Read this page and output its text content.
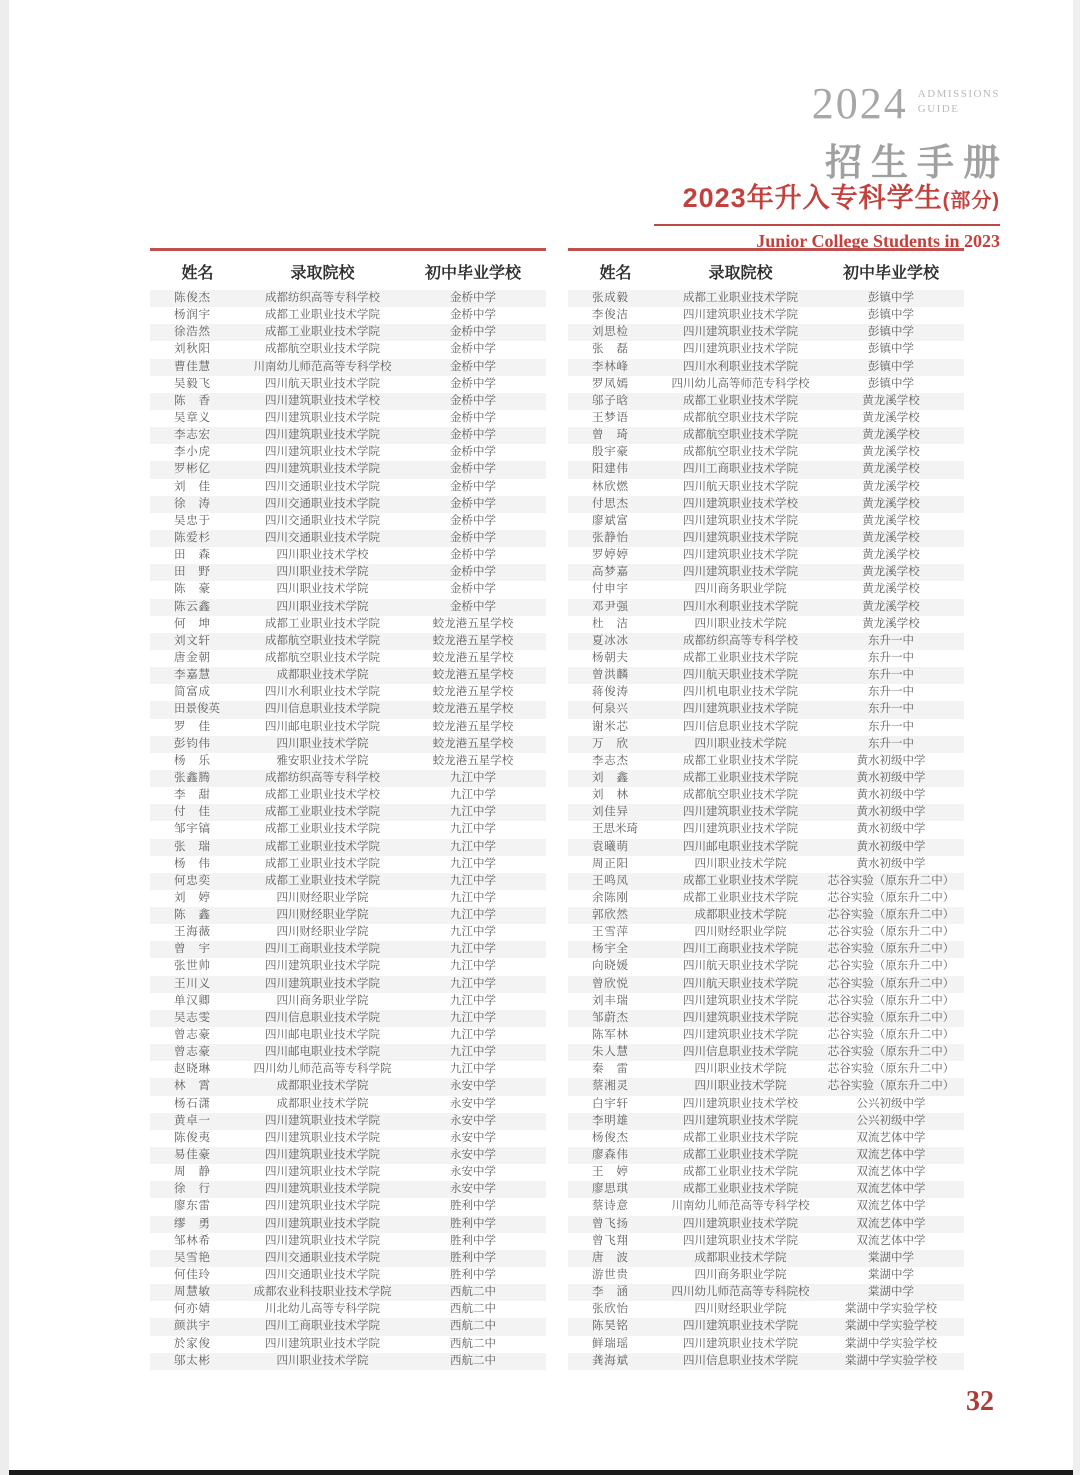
2024 ADMISSIONS
GUIDE
招生手册
2023年升入专科学生(部分)
Junior College Students in 2023
姓名	录取院校	初中毕业学校
陈俊杰	成都纺织高等专科学校	金桥中学
杨润宇	成都工业职业技术学院	金桥中学
徐浩然	成都工业职业技术学院	金桥中学
刘秋阳	成都航空职业技术学院	金桥中学
曹佳慧	川南幼儿师范高等专科学校	金桥中学
吴毅飞	四川航天职业技术学院	金桥中学
陈香	四川建筑职业技术学校	金桥中学
吴章义	四川建筑职业技术学院	金桥中学
李志宏	四川建筑职业技术学院	金桥中学
李小虎	四川建筑职业技术学院	金桥中学
罗彬亿	四川建筑职业技术学院	金桥中学
刘佳	四川交通职业技术学院	金桥中学
徐涛	四川交通职业技术学院	金桥中学
吴忠于	四川交通职业技术学院	金桥中学
陈爱杉	四川交通职业技术学院	金桥中学
田森	四川职业技术学校	金桥中学
田野	四川职业技术学院	金桥中学
陈豪	四川职业技术学院	金桥中学
陈云鑫	四川职业技术学院	金桥中学
何坤	成都工业职业技术学院	蛟龙港五星学校
刘文轩	成都航空职业技术学院	蛟龙港五星学校
唐金朝	成都航空职业技术学院	蛟龙港五星学校
李嘉慧	成都职业技术学院	蛟龙港五星学校
简富成	四川水利职业技术学院	蛟龙港五星学校
田景俊英	四川信息职业技术学院	蛟龙港五星学校
罗佳	四川邮电职业技术学院	蛟龙港五星学校
彭钧伟	四川职业技术学院	蛟龙港五星学校
杨乐	雅安职业技术学院	蛟龙港五星学校
张鑫腾	成都纺织高等专科学校	九江中学
李甜	成都工业职业技术学校	九江中学
付佳	成都工业职业技术学院	九江中学
邹宇镐	成都工业职业技术学院	九江中学
张瑞	成都工业职业技术学院	九江中学
杨伟	成都工业职业技术学院	九江中学
何忠奕	成都工业职业技术学院	九江中学
刘婷	四川财经职业学院	九江中学
陈鑫	四川财经职业学院	九江中学
王海薇	四川财经职业学院	九江中学
曾宇	四川工商职业技术学院	九江中学
张世帅	四川建筑职业技术学院	九江中学
王川义	四川建筑职业技术学院	九江中学
单汉卿	四川商务职业学院	九江中学
吴志雯	四川信息职业技术学院	九江中学
曾志豪	四川邮电职业技术学院	九江中学
曾志豪	四川邮电职业技术学院	九江中学
赵晓琳	四川幼儿师范高等专科学院	九江中学
林霄	成都职业技术学院	永安中学
杨石潇	成都职业技术学院	永安中学
黄卓一	四川建筑职业技术学院	永安中学
陈俊夷	四川建筑职业技术学院	永安中学
易佳豪	四川建筑职业技术学院	永安中学
周静	四川建筑职业技术学院	永安中学
徐行	四川建筑职业技术学院	永安中学
廖东雷	四川建筑职业技术学院	胜利中学
缪勇	四川建筑职业技术学院	胜利中学
邹林希	四川建筑职业技术学院	胜利中学
吴雪艳	四川交通职业技术学院	胜利中学
何佳玲	四川交通职业技术学院	胜利中学
周慧敏	成都农业科技职业技术学院	西航二中
何亦婧	川北幼儿高等专科学院	西航二中
颜洪宇	四川工商职业技术学院	西航二中
於家俊	四川建筑职业技术学院	西航二中
邬太彬	四川职业技术学院	西航二中
姓名	录取院校	初中毕业学校
张成毅	成都工业职业技术学院	彭镇中学
李俊洁	四川建筑职业技术学院	彭镇中学
刘思检	四川建筑职业技术学院	彭镇中学
张磊	四川建筑职业技术学院	彭镇中学
李林峰	四川水利职业技术学院	彭镇中学
罗凤嫣	四川幼儿高等师范专科学校	彭镇中学
邬子晗	成都工业职业技术学院	黄龙溪学校
王梦语	成都航空职业技术学院	黄龙溪学校
曾琦	成都航空职业技术学院	黄龙溪学校
殷宇豪	成都航空职业技术学院	黄龙溪学校
阳建伟	四川工商职业技术学院	黄龙溪学校
林欣燃	四川航天职业技术学院	黄龙溪学校
付思杰	四川建筑职业技术学校	黄龙溪学校
廖斌富	四川建筑职业技术学院	黄龙溪学校
张静怡	四川建筑职业技术学院	黄龙溪学校
罗婷婷	四川建筑职业技术学院	黄龙溪学校
高梦嘉	四川建筑职业技术学院	黄龙溪学校
付申宇	四川商务职业学院	黄龙溪学校
邓尹强	四川水利职业技术学院	黄龙溪学校
杜洁	四川职业技术学院	黄龙溪学校
夏冰冰	成都纺织高等专科学校	东升一中
杨朝夫	成都工业职业技术学院	东升一中
曾洪麟	四川航天职业技术学院	东升一中
蒋俊涛	四川机电职业技术学院	东升一中
何泉兴	四川建筑职业技术学院	东升一中
谢米芯	四川信息职业技术学院	东升一中
万欣	四川职业技术学院	东升一中
李志杰	成都工业职业技术学院	黄水初级中学
刘鑫	成都工业职业技术学院	黄水初级中学
刘林	成都航空职业技术学院	黄水初级中学
刘佳异	四川建筑职业技术学院	黄水初级中学
王思米琦	四川建筑职业技术学院	黄水初级中学
袁曦萌	四川邮电职业技术学院	黄水初级中学
周正阳	四川职业技术学院	黄水初级中学
王鸣凤	成都工业职业技术学院	芯谷实验（原东升二中）
余陈刚	成都工业职业技术学院	芯谷实验（原东升二中）
郭欣然	成都职业技术学院	芯谷实验（原东升二中）
王雪萍	四川财经职业学院	芯谷实验（原东升二中）
杨宇全	四川工商职业技术学院	芯谷实验（原东升二中）
向晓媛	四川航天职业技术学院	芯谷实验（原东升二中）
曾欣悦	四川航天职业技术学院	芯谷实验（原东升二中）
刘丰瑞	四川建筑职业技术学院	芯谷实验（原东升二中）
邹蔚杰	四川建筑职业技术学院	芯谷实验（原东升二中）
陈军林	四川建筑职业技术学院	芯谷实验（原东升二中）
朱人慧	四川信息职业技术学院	芯谷实验（原东升二中）
秦雷	四川职业技术学院	芯谷实验（原东升二中）
蔡湘灵	四川职业技术学院	芯谷实验（原东升二中）
白宇轩	四川建筑职业技术学校	公兴初级中学
李明雄	四川建筑职业技术学院	公兴初级中学
杨俊杰	成都工业职业技术学院	双流艺体中学
廖森伟	成都工业职业技术学院	双流艺体中学
王婷	成都工业职业技术学院	双流艺体中学
廖思琪	成都工业职业技术学院	双流艺体中学
蔡诗意	川南幼儿师范高等专科学校	双流艺体中学
曾飞扬	四川建筑职业技术学院	双流艺体中学
曾飞翔	四川建筑职业技术学院	双流艺体中学
唐波	成都职业技术学院	棠湖中学
游世贵	四川商务职业学院	棠湖中学
李涵	四川幼儿师范高等专科院校	棠湖中学
张欣怡	四川财经职业学院	棠湖中学实验学校
陈昊铭	四川建筑职业技术学院	棠湖中学实验学校
鲜瑞瑶	四川建筑职业技术学院	棠湖中学实验学校
龚海斌	四川信息职业技术学院	棠湖中学实验学校
32
